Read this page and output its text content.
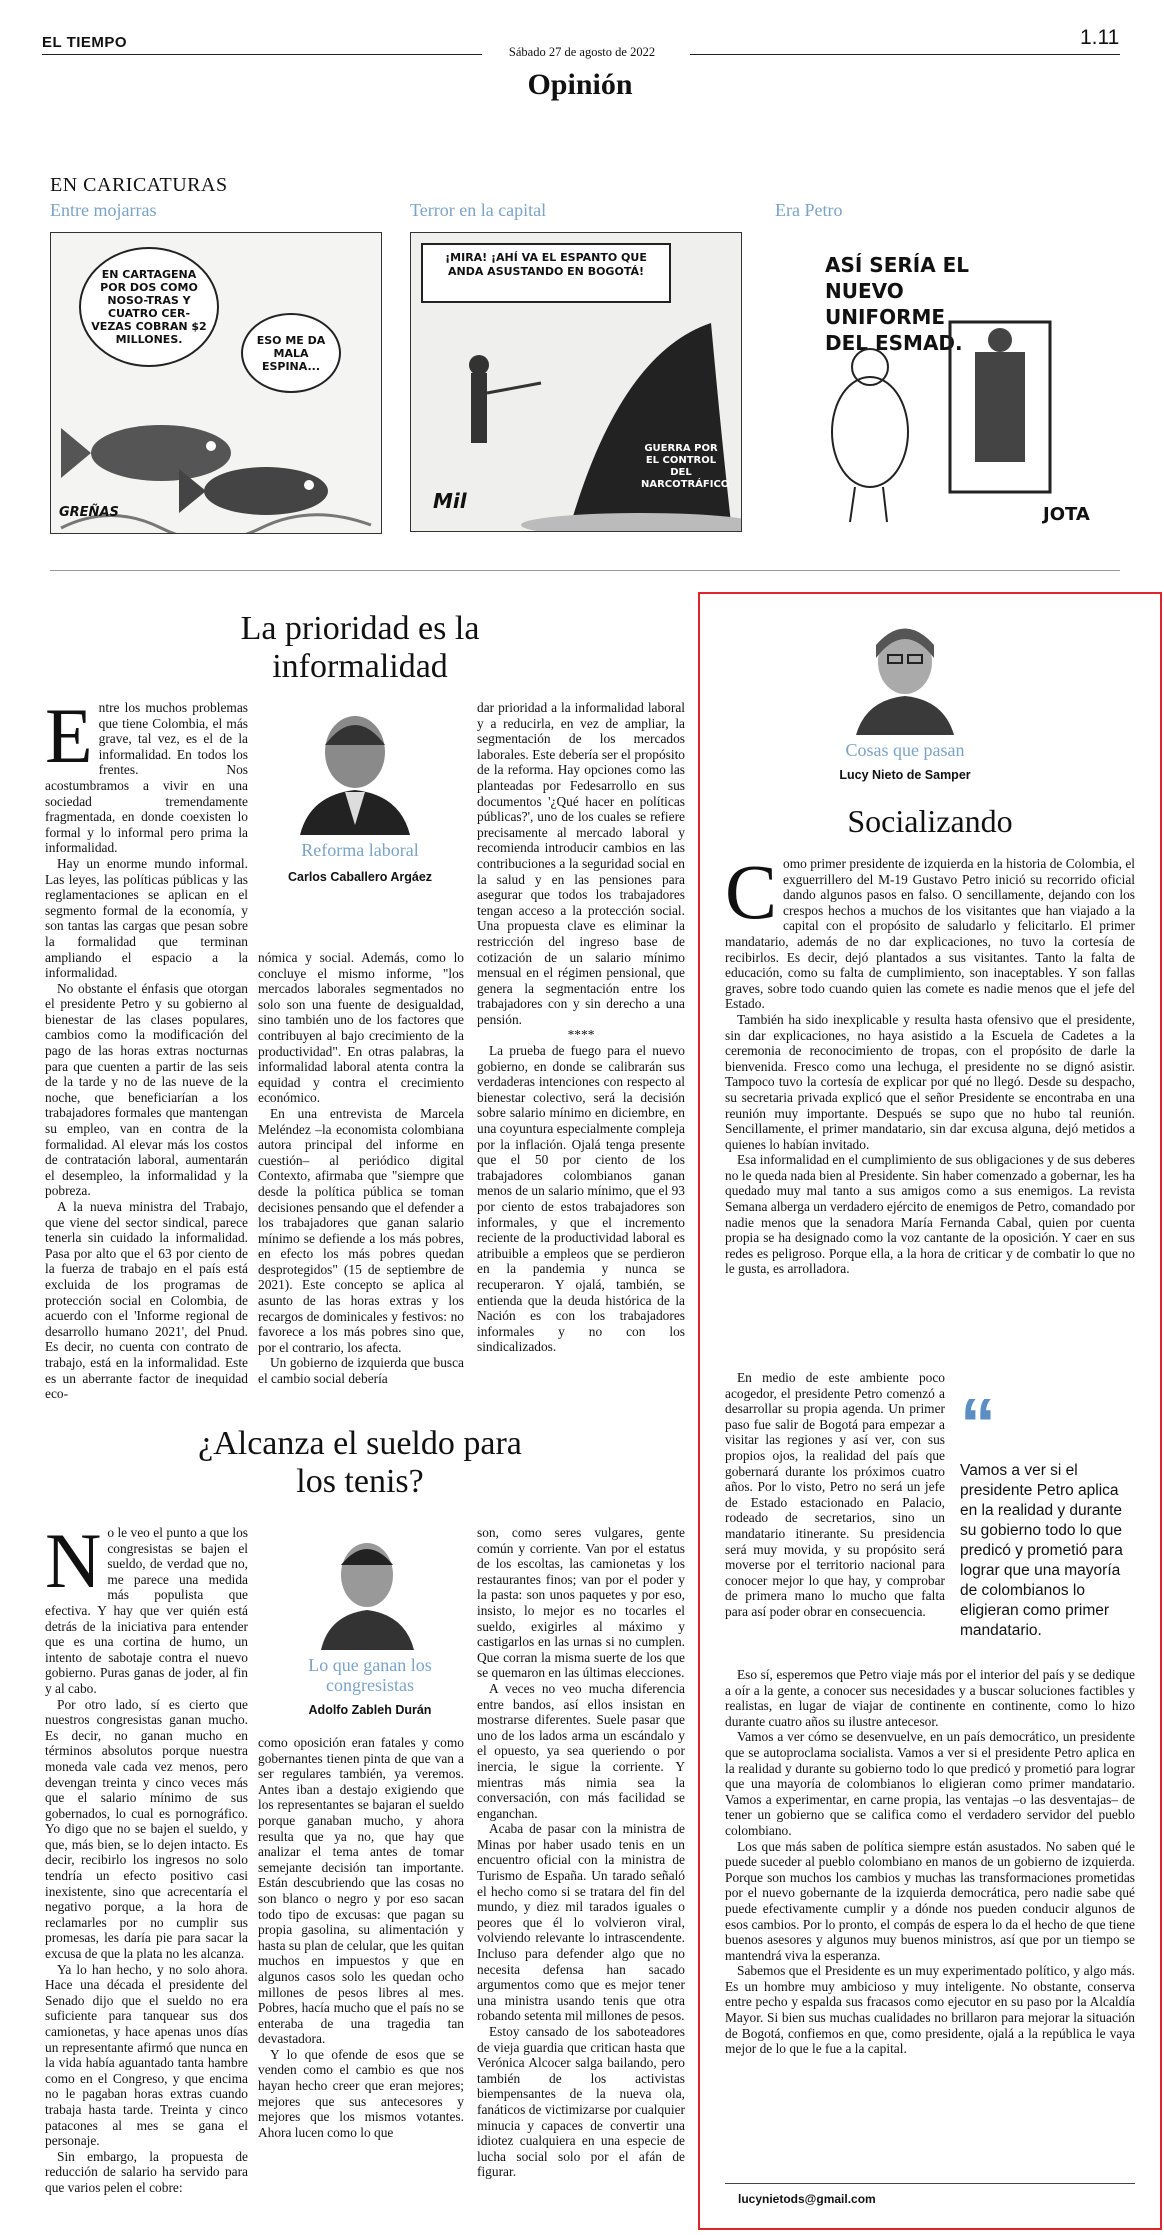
EL TIEMPO
Sábado 27 de agosto de 2022
1.11
Opinión
EN CARICATURAS
Entre mojarras
EN CARTAGENA POR DOS COMO NOSO-TRAS Y CUATRO CER-VEZAS COBRAN $2 MILLONES.	ESO ME DA MALA ESPINA...
GREÑAS
Terror en la capital
¡MIRA! ¡AHÍ VA EL ESPANTO QUE ANDA ASUSTANDO EN BOGOTÁ!
GUERRA POR EL CONTROL DEL NARCOTRÁFICO
Mil
Era Petro
ASÍ SERÍA EL NUEVO UNIFORME DEL ESMAD.
JOTA
La prioridad es la informalidad
Reforma laboral
Carlos Caballero Argáez
E ntre los muchos problemas que tiene Colombia, el más grave, tal vez, es el de la informalidad. En todos los frentes. Nos acostumbramos a vivir en una sociedad tremendamente fragmentada, en donde coexisten lo formal y lo informal pero prima la informalidad.

Hay un enorme mundo informal. Las leyes, las políticas públicas y las reglamentaciones se aplican en el segmento formal de la economía, y son tantas las cargas que pesan sobre la formalidad que terminan ampliando el espacio a la informalidad.

No obstante el énfasis que otorgan el presidente Petro y su gobierno al bienestar de las clases populares, cambios como la modificación del pago de las horas extras nocturnas para que cuenten a partir de las seis de la tarde y no de las nueve de la noche, que beneficiarían a los trabajadores formales que mantengan su empleo, van en contra de la formalidad. Al elevar más los costos de contratación laboral, aumentarán el desempleo, la informalidad y la pobreza.

A la nueva ministra del Trabajo, que viene del sector sindical, parece tenerla sin cuidado la informalidad. Pasa por alto que el 63 por ciento de la fuerza de trabajo en el país está excluida de los programas de protección social en Colombia, de acuerdo con el 'Informe regional de desarrollo humano 2021', del Pnud. Es decir, no cuenta con contrato de trabajo, está en la informalidad. Este es un aberrante factor de inequidad eco-

nómica y social. Además, como lo concluye el mismo informe, "los mercados laborales segmentados no solo son una fuente de desigualdad, sino también uno de los factores que contribuyen al bajo crecimiento de la productividad". En otras palabras, la informalidad laboral atenta contra la equidad y contra el crecimiento económico.

En una entrevista de Marcela Meléndez –la economista colombiana autora principal del informe en cuestión– al periódico digital Contexto, afirmaba que "siempre que desde la política pública se toman decisiones pensando que el defender a los trabajadores que ganan salario mínimo se defiende a los más pobres, en efecto los más pobres quedan desprotegidos" (15 de septiembre de 2021). Este concepto se aplica al asunto de las horas extras y los recargos de dominicales y festivos: no favorece a los más pobres sino que, por el contrario, los afecta.

Un gobierno de izquierda que busca el cambio social debería

dar prioridad a la informalidad laboral y a reducirla, en vez de ampliar, la segmentación de los mercados laborales. Este debería ser el propósito de la reforma. Hay opciones como las planteadas por Fedesarrollo en sus documentos '¿Qué hacer en políticas públicas?', uno de los cuales se refiere precisamente al mercado laboral y recomienda introducir cambios en las contribuciones a la seguridad social en la salud y en las pensiones para asegurar que todos los trabajadores tengan acceso a la protección social. Una propuesta clave es eliminar la restricción del ingreso base de cotización de un salario mínimo mensual en el régimen pensional, que genera la segmentación entre los trabajadores con y sin derecho a una pensión.

****

La prueba de fuego para el nuevo gobierno, en donde se calibrarán sus verdaderas intenciones con respecto al bienestar colectivo, será la decisión sobre salario mínimo en diciembre, en una coyuntura especialmente compleja por la inflación. Ojalá tenga presente que el 50 por ciento de los trabajadores colombianos ganan menos de un salario mínimo, que el 93 por ciento de estos trabajadores son informales, y que el incremento reciente de la productividad laboral es atribuible a empleos que se perdieron en la pandemia y nunca se recuperaron. Y ojalá, también, se entienda que la deuda histórica de la Nación es con los trabajadores informales y no con los sindicalizados.

¿Alcanza el sueldo para los tenis?
Lo que ganan los congresistas
Adolfo Zableh Durán
N o le veo el punto a que los congresistas se bajen el sueldo, de verdad que no, me parece una medida más populista que efectiva. Y hay que ver quién está detrás de la iniciativa para entender que es una cortina de humo, un intento de sabotaje contra el nuevo gobierno. Puras ganas de joder, al fin y al cabo.

Por otro lado, sí es cierto que nuestros congresistas ganan mucho. Es decir, no ganan mucho en términos absolutos porque nuestra moneda vale cada vez menos, pero devengan treinta y cinco veces más que el salario mínimo de sus gobernados, lo cual es pornográfico. Yo digo que no se bajen el sueldo, y que, más bien, se lo dejen intacto. Es decir, recibirlo los ingresos no solo tendría un efecto positivo casi inexistente, sino que acrecentaría el negativo porque, a la hora de reclamarles por no cumplir sus promesas, les daría pie para sacar la excusa de que la plata no les alcanza.

Ya lo han hecho, y no solo ahora. Hace una década el presidente del Senado dijo que el sueldo no era suficiente para tanquear sus dos camionetas, y hace apenas unos días un representante afirmó que nunca en la vida había aguantado tanta hambre como en el Congreso, y que encima no le pagaban horas extras cuando trabaja hasta tarde. Treinta y cinco patacones al mes se gana el personaje.

Sin embargo, la propuesta de reducción de salario ha servido para que varios pelen el cobre:

como oposición eran fatales y como gobernantes tienen pinta de que van a ser regulares también, ya veremos. Antes iban a destajo exigiendo que los representantes se bajaran el sueldo porque ganaban mucho, y ahora resulta que ya no, que hay que analizar el tema antes de tomar semejante decisión tan importante. Están descubriendo que las cosas no son blanco o negro y por eso sacan todo tipo de excusas: que pagan su propia gasolina, su alimentación y hasta su plan de celular, que les quitan muchos en impuestos y que en algunos casos solo les quedan ocho millones de pesos libres al mes. Pobres, hacía mucho que el país no se enteraba de una tragedia tan devastadora.

Y lo que ofende de esos que se venden como el cambio es que nos hayan hecho creer que eran mejores; mejores que sus antecesores y mejores que los mismos votantes. Ahora lucen como lo que

son, como seres vulgares, gente común y corriente. Van por el estatus de los escoltas, las camionetas y los restaurantes finos; van por el poder y la pasta: son unos paquetes y por eso, insisto, lo mejor es no tocarles el sueldo, exigirles al máximo y castigarlos en las urnas si no cumplen. Que corran la misma suerte de los que se quemaron en las últimas elecciones.

A veces no veo mucha diferencia entre bandos, así ellos insistan en mostrarse diferentes. Suele pasar que uno de los lados arma un escándalo y el opuesto, ya sea queriendo o por inercia, le sigue la corriente. Y mientras más nimia sea la conversación, con más facilidad se enganchan.

Acaba de pasar con la ministra de Minas por haber usado tenis en un encuentro oficial con la ministra de Turismo de España. Un tarado señaló el hecho como si se tratara del fin del mundo, y diez mil tarados iguales o peores que él lo volvieron viral, volviendo relevante lo intrascendente. Incluso para defender algo que no necesita defensa han sacado argumentos como que es mejor tener una ministra usando tenis que otra robando setenta mil millones de pesos.

Estoy cansado de los saboteadores de vieja guardia que critican hasta que Verónica Alcocer salga bailando, pero también de los activistas biempensantes de la nueva ola, fanáticos de victimizarse por cualquier minucia y capaces de convertir una idiotez cualquiera en una especie de lucha social solo por el afán de figurar.

Cosas que pasan
Lucy Nieto de Samper
Socializando
C omo primer presidente de izquierda en la historia de Colombia, el exguerrillero del M-19 Gustavo Petro inició su recorrido oficial dando algunos pasos en falso. O sencillamente, dejando con los crespos hechos a muchos de los visitantes que han viajado a la capital con el propósito de saludarlo y felicitarlo. El primer mandatario, además de no dar explicaciones, no tuvo la cortesía de recibirlos. Es decir, dejó plantados a sus visitantes. Tanto la falta de educación, como su falta de cumplimiento, son inaceptables. Y son fallas graves, sobre todo cuando quien las comete es nadie menos que el jefe del Estado.

También ha sido inexplicable y resulta hasta ofensivo que el presidente, sin dar explicaciones, no haya asistido a la Escuela de Cadetes a la ceremonia de reconocimiento de tropas, con el propósito de darle la bienvenida. Fresco como una lechuga, el presidente no se dignó asistir. Tampoco tuvo la cortesía de explicar por qué no llegó. Desde su despacho, su secretaria privada explicó que el señor Presidente se encontraba en una reunión muy importante. Después se supo que no hubo tal reunión. Sencillamente, el primer mandatario, sin dar excusa alguna, dejó metidos a quienes lo habían invitado.

Esa informalidad en el cumplimiento de sus obligaciones y de sus deberes no le queda nada bien al Presidente. Sin haber comenzado a gobernar, les ha quedado muy mal tanto a sus amigos como a sus enemigos. La revista Semana alberga un verdadero ejército de enemigos de Petro, comandado por nadie menos que la senadora María Fernanda Cabal, quien por cuenta propia se ha designado como la voz cantante de la oposición. Y caer en sus redes es peligroso. Porque ella, a la hora de criticar y de combatir lo que no le gusta, es arrolladora.

En medio de este ambiente poco acogedor, el presidente Petro comenzó a desarrollar su propia agenda. Un primer paso fue salir de Bogotá para empezar a visitar las regiones y así ver, con sus propios ojos, la realidad del país que gobernará durante los próximos cuatro años. Por lo visto, Petro no será un jefe de Estado estacionado en Palacio, rodeado de secretarios, sino un mandatario itinerante. Su presidencia será muy movida, y su propósito será moverse por el territorio nacional para conocer mejor lo que hay, y comprobar de primera mano lo mucho que falta para así poder obrar en consecuencia.

“
Vamos a ver si el presidente Petro aplica en la realidad y durante su gobierno todo lo que predicó y prometió para lograr que una mayoría de colombianos lo eligieran como primer mandatario.

Eso sí, esperemos que Petro viaje más por el interior del país y se dedique a oír a la gente, a conocer sus necesidades y a buscar soluciones factibles y realistas, en lugar de viajar de continente en continente, como lo hizo durante cuatro años su ilustre antecesor.

Vamos a ver cómo se desenvuelve, en un país democrático, un presidente que se autoproclama socialista. Vamos a ver si el presidente Petro aplica en la realidad y durante su gobierno todo lo que predicó y prometió para lograr que una mayoría de colombianos lo eligieran como primer mandatario. Vamos a experimentar, en carne propia, las ventajas –o las desventajas– de tener un gobierno que se califica como el verdadero servidor del pueblo colombiano.

Los que más saben de política siempre están asustados. No saben qué le puede suceder al pueblo colombiano en manos de un gobierno de izquierda. Porque son muchos los cambios y muchas las transformaciones prometidas por el nuevo gobernante de la izquierda democrática, pero nadie sabe qué puede efectivamente cumplir y a dónde nos pueden conducir algunos de esos cambios. Por lo pronto, el compás de espera lo da el hecho de que tiene buenos asesores y algunos muy buenos ministros, así que por un tiempo se mantendrá viva la esperanza.

Sabemos que el Presidente es un muy experimentado político, y algo más. Es un hombre muy ambicioso y muy inteligente. No obstante, conserva entre pecho y espalda sus fracasos como ejecutor en su paso por la Alcaldía Mayor. Si bien sus muchas cualidades no brillaron para mejorar la situación de Bogotá, confiemos en que, como presidente, ojalá a la república le vaya mejor de lo que le fue a la capital.

lucynietods@gmail.com
